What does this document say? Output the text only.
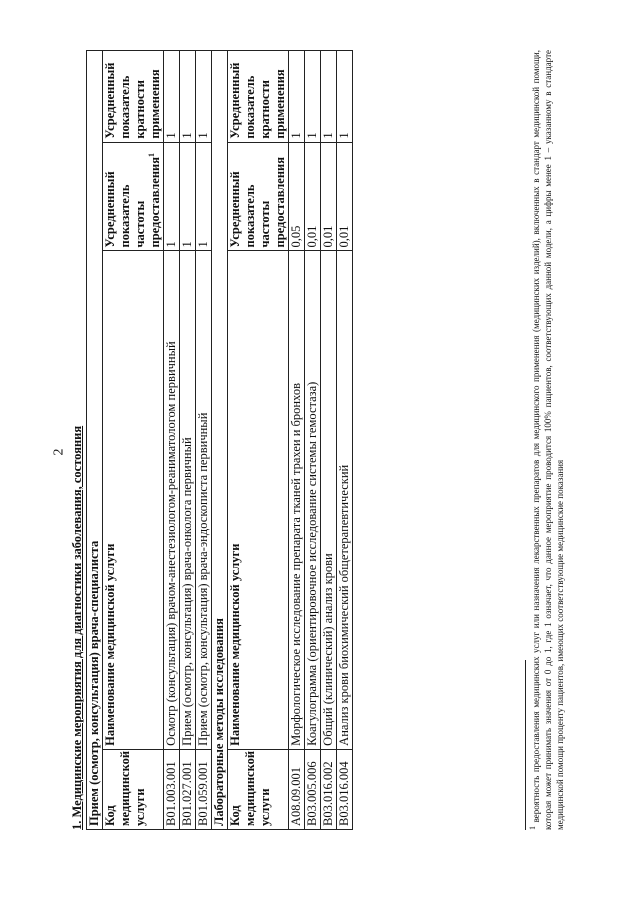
2 1. Медицинские мероприятия для диагностики заболевания, состояния Прием (осмотр, консультация) врача-специалиста			
Код медицинской услуги	Наименование медицинской услуги	Усредненный показатель частоты предоставления$^1$	Усредненный показатель кратности применения
B01.003.001	Осмотр (консультация) врачом-анестезиологом-реаниматологом первичный	1	1
B01.027.001	Прием (осмотр, консультация) врача-онколога первичный	1	1
B01.059.001	Прием (осмотр, консультация) врача-эндоскописта первичный	1	1
Лабораторные методы исследования			
Код медицинской услуги	Наименование медицинской услуги	Усредненный показатель частоты предоставления	Усредненный показатель кратности применения
A08.09.001	Морфологическое исследование препарата тканей трахеи и бронхов	0,05	1
B03.005.006	Коагулограмма (ориентировочное исследование системы гемостаза)	0,01	1
B03.016.002	Общий (клинический) анализ крови	0,01	1
B03.016.004	Анализ крови биохимический общетерапевтический	0,01	1
$^1$ вероятность предоставления медицинских услуг или назначения лекарственных препаратов для медицинского применения (медицинских изделий), включенных в стандарт медицинской помощи, которая может принимать значения от 0 до 1, где 1 означает, что данное мероприятие проводится 100% пациентов, соответствующих данной модели, а цифры менее 1 – указанному в стандарте медицинской помощи проценту пациентов, имеющих соответствующие медицинские показания
